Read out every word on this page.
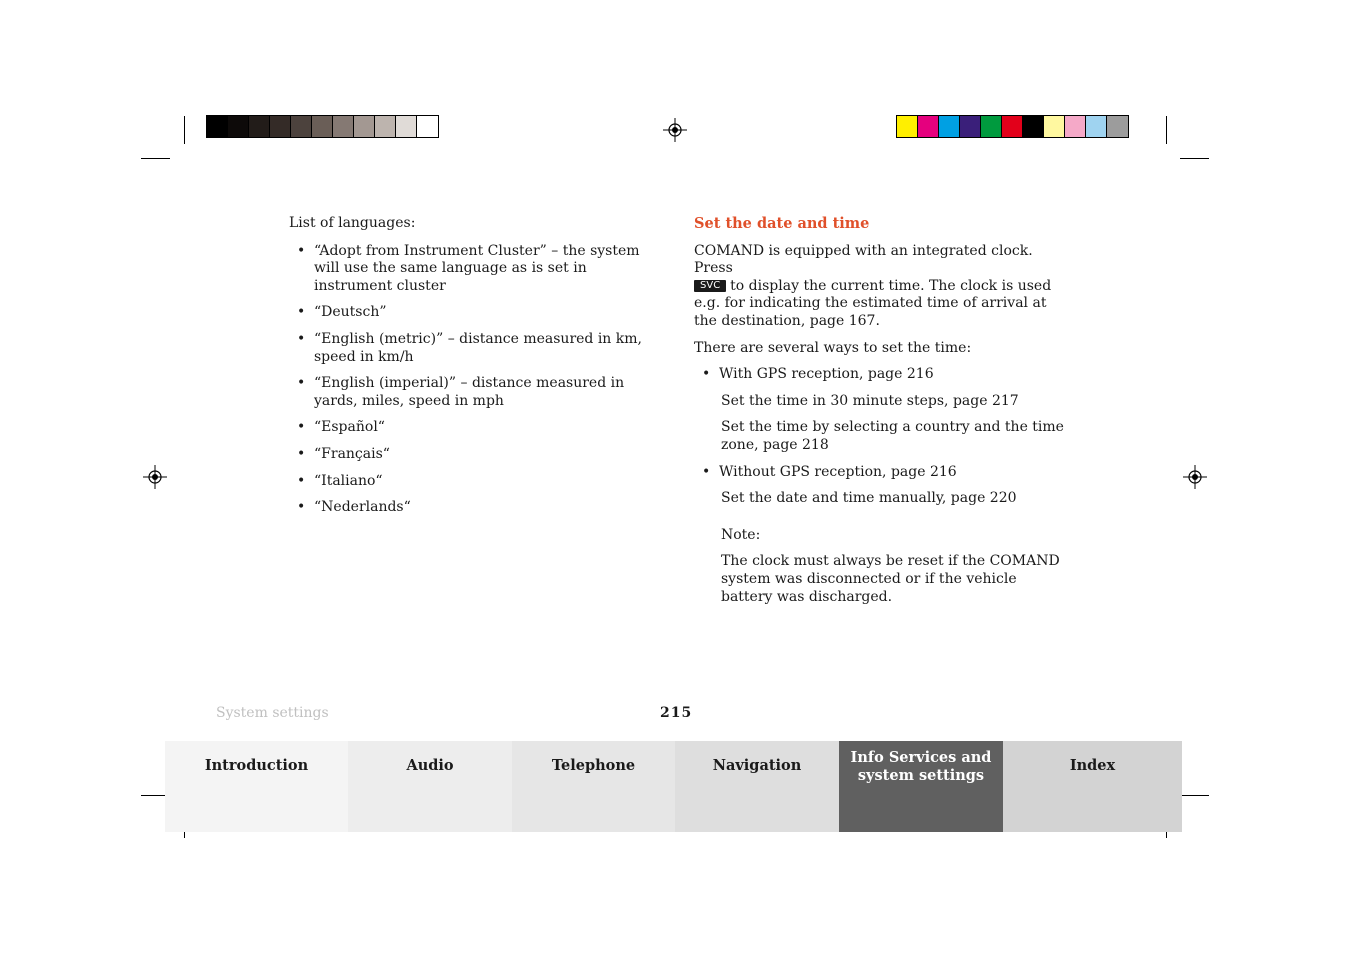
List of languages:

• “Adopt from Instrument Cluster” – the system will use the same language as is set in instrument cluster
• “Deutsch”
• “English (metric)” – distance measured in km, speed in km/h
• “English (imperial)” – distance measured in yards, miles, speed in mph
• “Español“
• “Français“
• “Italiano“
• “Nederlands“

Set the date and time

COMAND is equipped with an integrated clock. Press
SVC to display the current time. The clock is used e.g. for indicating the estimated time of arrival at the destination, page 167.

There are several ways to set the time:

• With GPS reception, page 216

Set the time in 30 minute steps, page 217

Set the time by selecting a country and the time zone, page 218

• Without GPS reception, page 216

Set the date and time manually, page 220

Note:

The clock must always be reset if the COMAND system was disconnected or if the vehicle battery was discharged.

System settings	215
Introduction	Audio	Telephone	Navigation	Info Services and system settings
Index
